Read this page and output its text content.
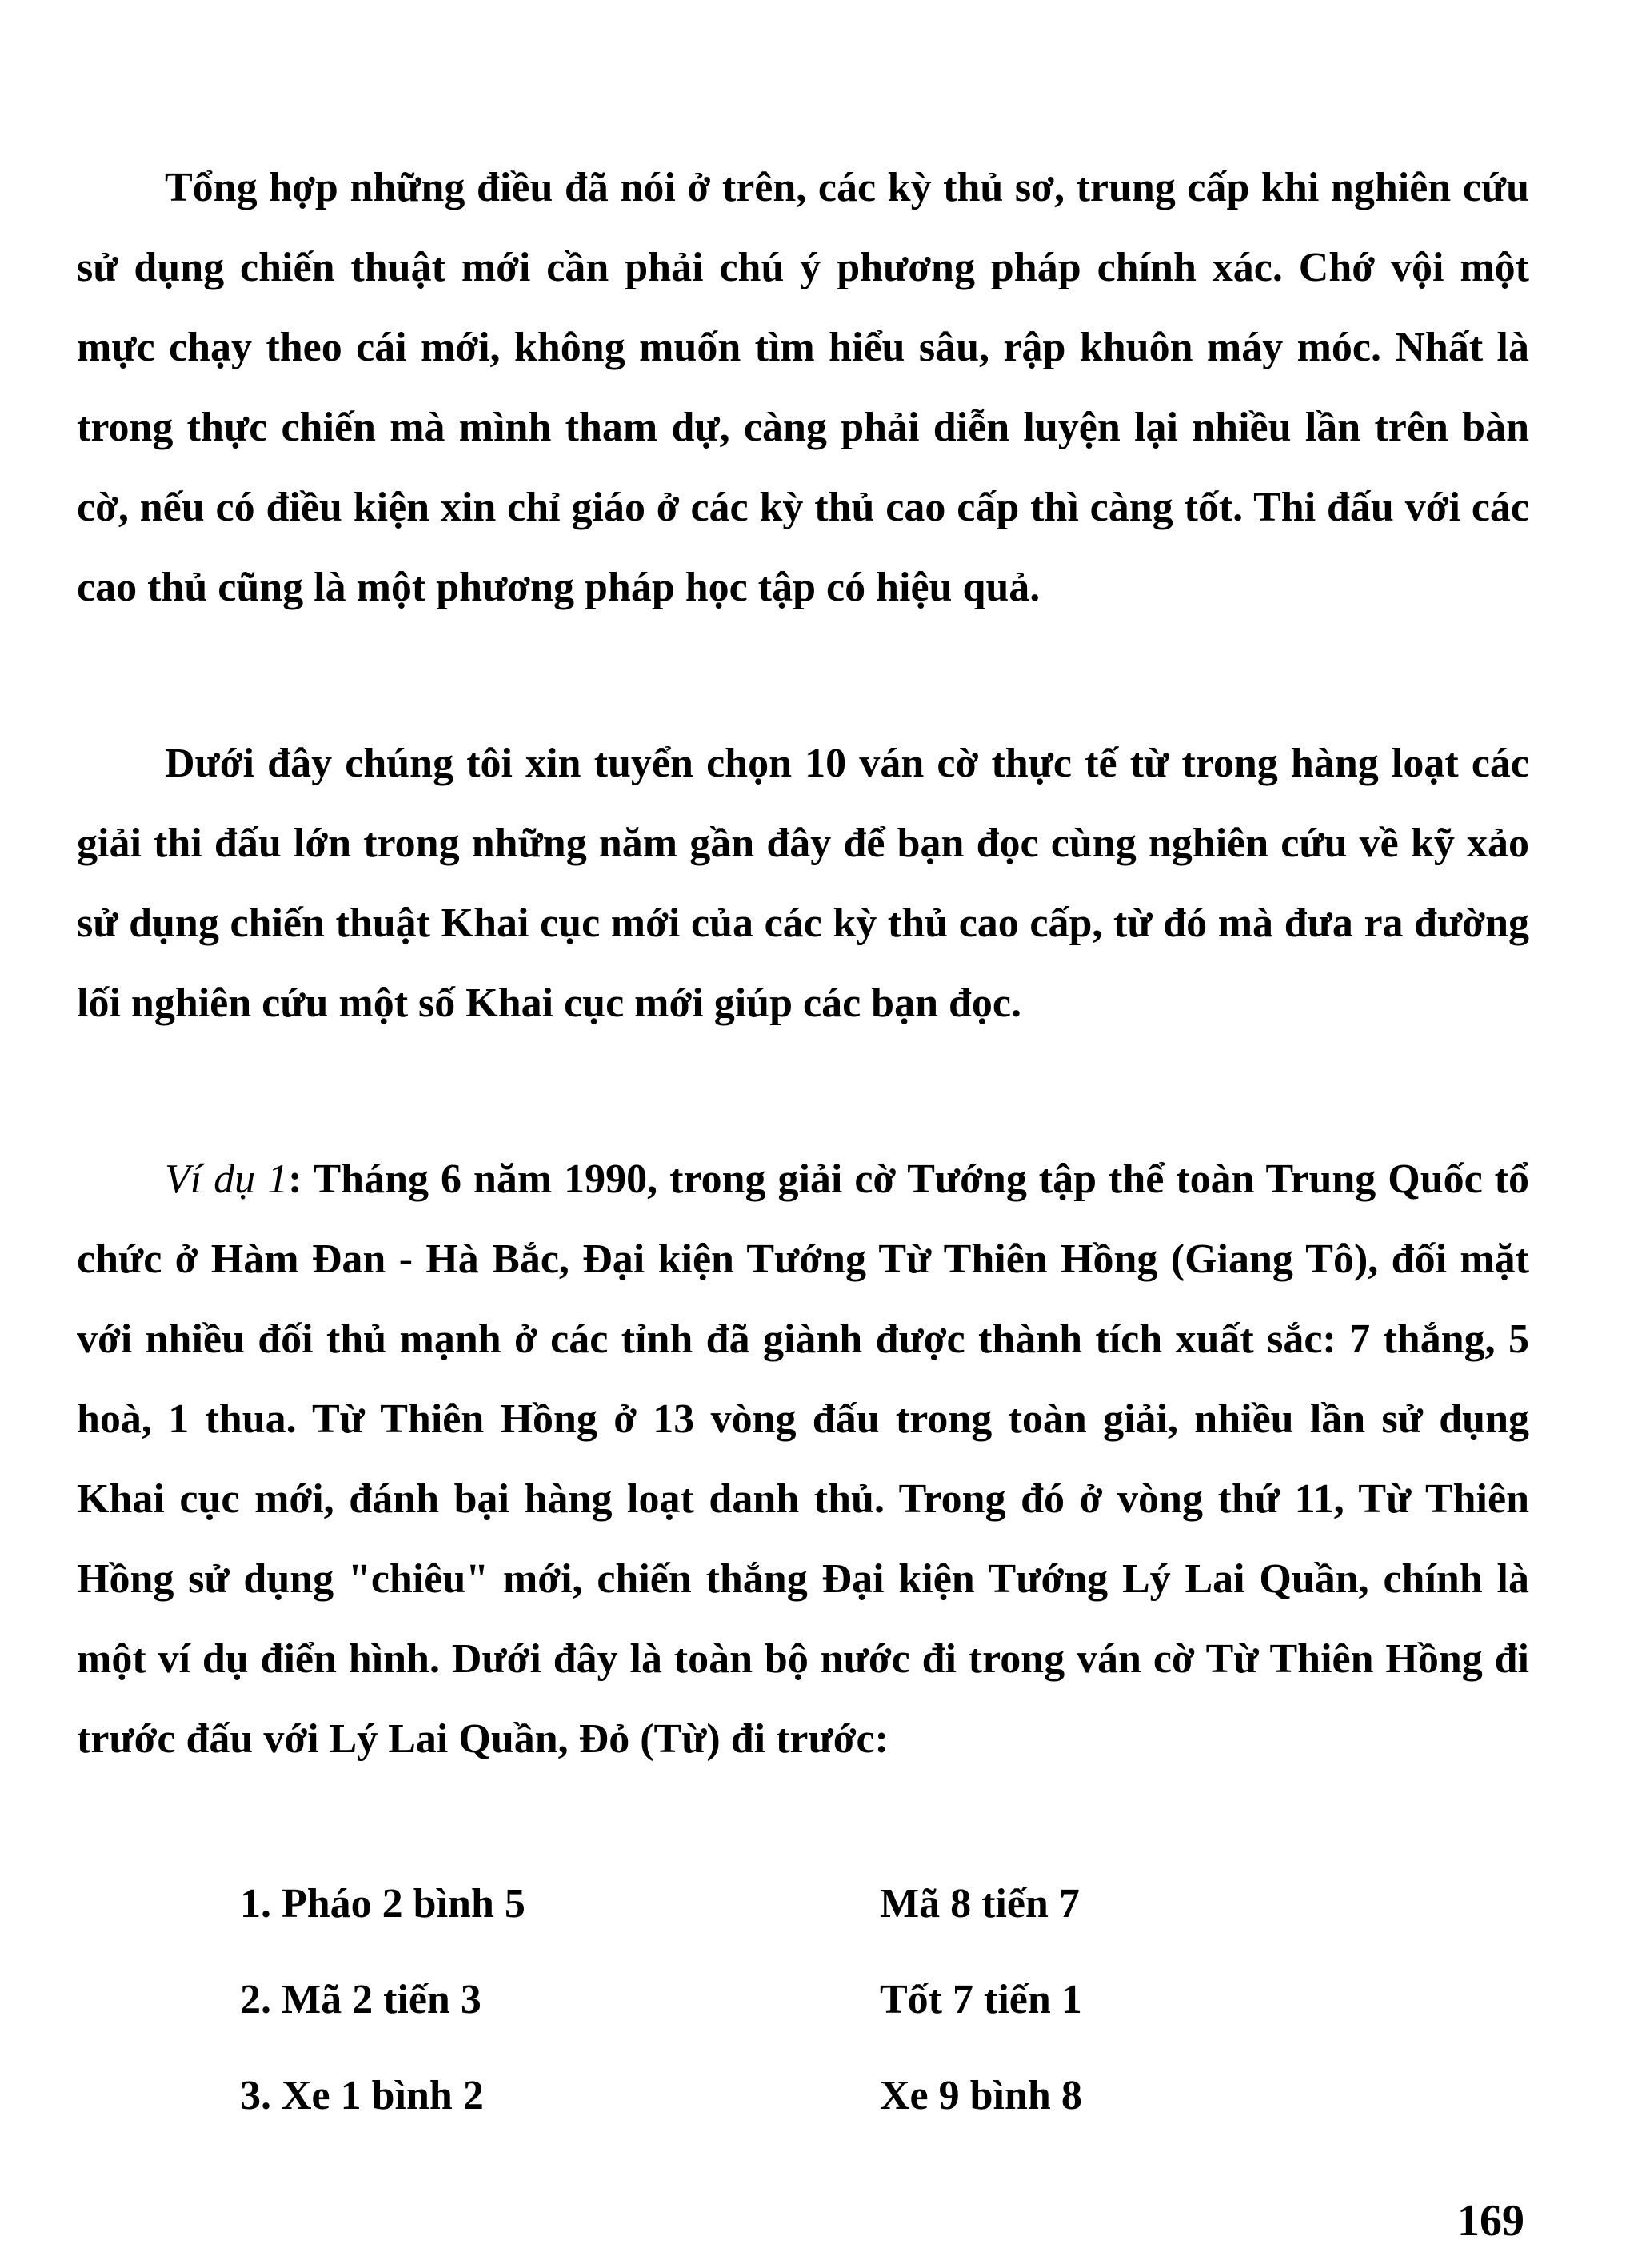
Tổng hợp những điều đã nói ở trên, các kỳ thủ sơ, trung cấp khi nghiên cứu sử dụng chiến thuật mới cần phải chú ý phương pháp chính xác. Chớ vội một mực chạy theo cái mới, không muốn tìm hiểu sâu, rập khuôn máy móc. Nhất là trong thực chiến mà mình tham dự, càng phải diễn luyện lại nhiều lần trên bàn cờ, nếu có điều kiện xin chỉ giáo ở các kỳ thủ cao cấp thì càng tốt. Thi đấu với các cao thủ cũng là một phương pháp học tập có hiệu quả.

Dưới đây chúng tôi xin tuyển chọn 10 ván cờ thực tế từ trong hàng loạt các giải thi đấu lớn trong những năm gần đây để bạn đọc cùng nghiên cứu về kỹ xảo sử dụng chiến thuật Khai cục mới của các kỳ thủ cao cấp, từ đó mà đưa ra đường lối nghiên cứu một số Khai cục mới giúp các bạn đọc.

Ví dụ 1: Tháng 6 năm 1990, trong giải cờ Tướng tập thể toàn Trung Quốc tổ chức ở Hàm Đan - Hà Bắc, Đại kiện Tướng Từ Thiên Hồng (Giang Tô), đối mặt với nhiều đối thủ mạnh ở các tỉnh đã giành được thành tích xuất sắc: 7 thắng, 5 hoà, 1 thua. Từ Thiên Hồng ở 13 vòng đấu trong toàn giải, nhiều lần sử dụng Khai cục mới, đánh bại hàng loạt danh thủ. Trong đó ở vòng thứ 11, Từ Thiên Hồng sử dụng "chiêu" mới, chiến thắng Đại kiện Tướng Lý Lai Quần, chính là một ví dụ điển hình. Dưới đây là toàn bộ nước đi trong ván cờ Từ Thiên Hồng đi trước đấu với Lý Lai Quần, Đỏ (Từ) đi trước:

1. Pháo 2 bình 5	Mã 8 tiến 7
2. Mã 2 tiến 3	Tốt 7 tiến 1
3. Xe 1 bình 2	Xe 9 bình 8
169
